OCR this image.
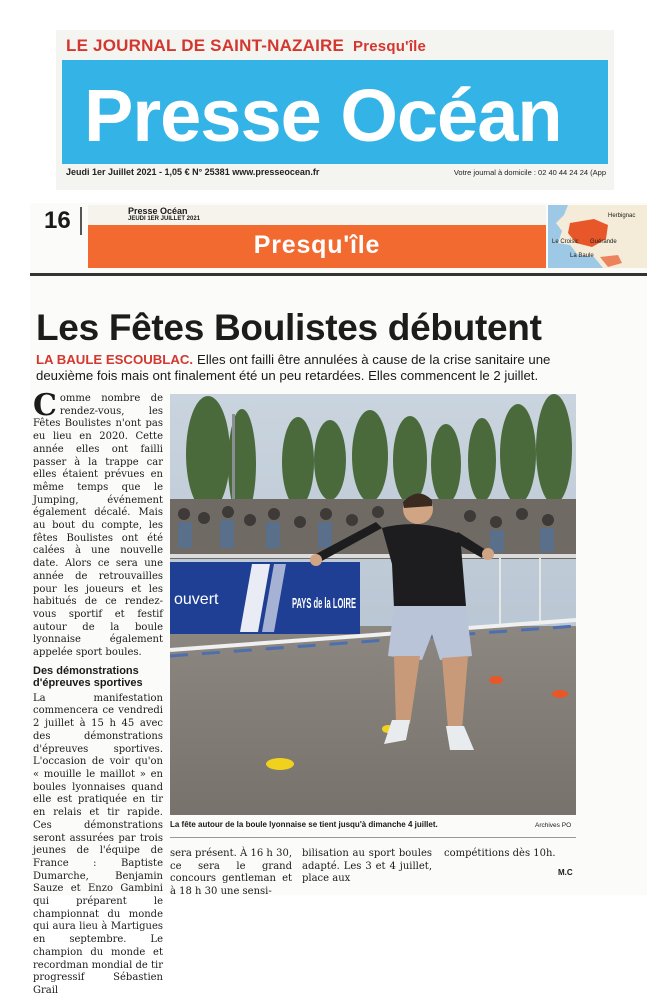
LE JOURNAL DE SAINT-NAZAIRE Presqu'île
Presse Océan
Jeudi 1er Juillet 2021 - 1,05 € N° 25381 www.presseocean.fr	Votre journal à domicile : 02 40 44 24 24 (App
16	Presse Océan
JEUDI 1ER JUILLET 2021
Presqu'île
Herbignac
Le Croisic Guérande
La Baule
Les Fêtes Boulistes débutent

LA BAULE ESCOUBLAC. Elles ont failli être annulées à cause de la crise sanitaire une deuxième fois mais ont finalement été un peu retardées. Elles commencent le 2 juillet.

Comme nombre de rendez-vous, les Fêtes Boulistes n'ont pas eu lieu en 2020. Cette année elles ont failli passer à la trappe car elles étaient prévues en même temps que le Jumping, événement également décalé. Mais au bout du compte, les fêtes Boulistes ont été calées à une nouvelle date. Alors ce sera une année de retrouvailles pour les joueurs et les habitués de ce rendez-vous sportif et festif autour de la boule lyonnaise également appelée sport boules.

Des démonstrations d'épreuves sportives

La manifestation commencera ce vendredi 2 juillet à 15 h 45 avec des démonstrations d'épreuves sportives. L'occasion de voir qu'on « mouille le maillot » en boules lyonnaises quand elle est pratiquée en tir en relais et tir rapide. Ces démonstrations seront assurées par trois jeunes de l'équipe de France : Baptiste Dumarche, Benjamin Sauze et Enzo Gambini qui préparent le championnat du monde qui aura lieu à Martigues en septembre. Le champion du monde et recordman mondial de tir progressif Sébastien Grail

ouvert	PAYS de la LOIRE
La fête autour de la boule lyonnaise se tient jusqu'à dimanche 4 juillet.	Archives PO
sera présent. À 16 h 30, ce sera le grand concours gentleman et à 18 h 30 une sensi-
bilisation au sport boules adapté. Les 3 et 4 juillet, place aux
compétitions dès 10h.
M.C
